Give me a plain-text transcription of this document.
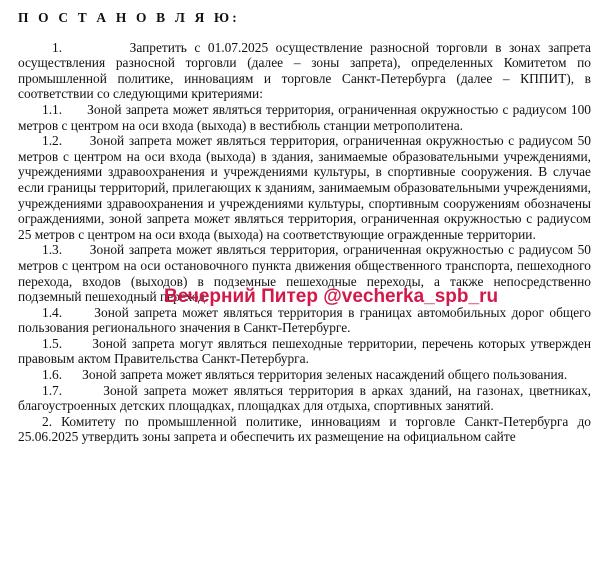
П О С Т А Н О В Л Я Ю:

1.         Запретить с 01.07.2025 осуществление разносной торговли в зонах запрета осуществления разносной торговли (далее – зоны запрета), определенных Комитетом по промышленной политике, инновациям и торговле Санкт-Петербурга (далее – КППИТ), в соответствии со следующими критериями:

1.1.      Зоной запрета может являться территория, ограниченная окружностью с радиусом 100 метров с центром на оси входа (выхода) в вестибюль станции метрополитена.

1.2.      Зоной запрета может являться территория, ограниченная окружностью с радиусом 50 метров с центром на оси входа (выхода) в здания, занимаемые образовательными учреждениями, учреждениями здравоохранения и учреждениями культуры, в спортивные сооружения. В случае если границы территорий, прилегающих к зданиям, занимаемым образовательными учреждениями, учреждениями здравоохранения и учреждениями культуры, спортивным сооружениям обозначены ограждениями, зоной запрета может являться территория, ограниченная окружностью с радиусом 25 метров с центром на оси входа (выхода) на соответствующие огражденные территории.

1.3.      Зоной запрета может являться территория, ограниченная окружностью с радиусом 50 метров с центром на оси остановочного пункта движения общественного транспорта, пешеходного перехода, входов (выходов) в подземные пешеходные переходы, а также непосредственно подземный пешеходный переход.

1.4.      Зоной запрета может являться территория в границах автомобильных дорог общего пользования регионального значения в Санкт-Петербурге.

1.5.      Зоной запрета могут являться пешеходные территории, перечень которых утвержден правовым актом Правительства Санкт-Петербурга.

1.6.      Зоной запрета может являться территория зеленых насаждений общего пользования.

1.7.       Зоной запрета может являться территория в арках зданий, на газонах, цветниках, благоустроенных детских площадках, площадках для отдыха, спортивных занятий.

2. Комитету по промышленной политике, инновациям и торговле Санкт-Петербурга до 25.06.2025 утвердить зоны запрета и обеспечить их размещение на официальном сайте

Вечерний Питер @vecherka_spb_ru
